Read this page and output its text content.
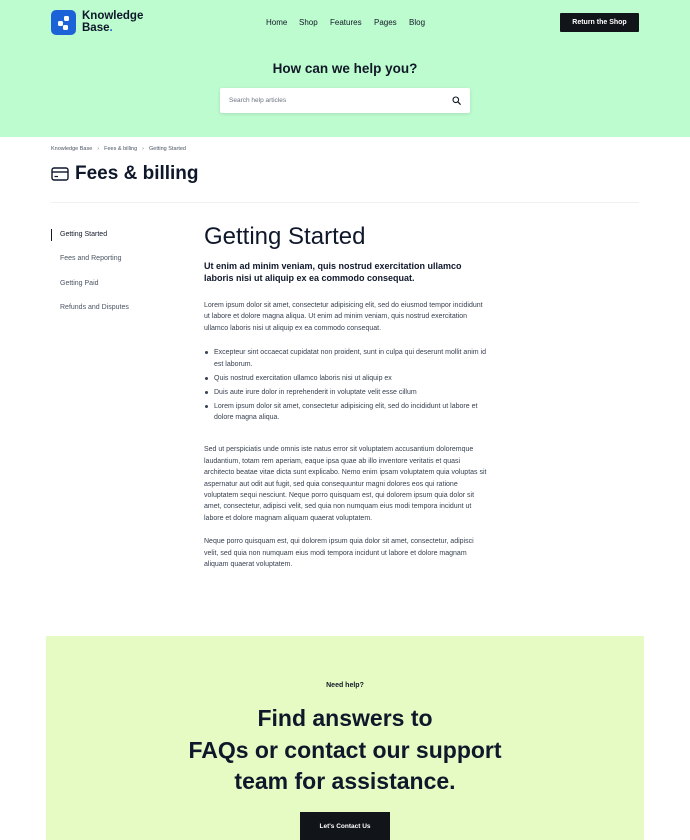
Knowledge
Base.	Home Shop Features Pages Blog	Return the Shop
How can we help you?
Search help articles
Knowledge Base › Fees & billing › Getting Started
Fees & billing
Getting Started
Fees and Reporting
Getting Paid
Refunds and Disputes
Getting Started

Ut enim ad minim veniam, quis nostrud exercitation ullamco laboris nisi ut aliquip ex ea commodo consequat.

Lorem ipsum dolor sit amet, consectetur adipisicing elit, sed do eiusmod tempor incididunt ut labore et dolore magna aliqua. Ut enim ad minim veniam, quis nostrud exercitation ullamco laboris nisi ut aliquip ex ea commodo consequat.

Excepteur sint occaecat cupidatat non proident, sunt in culpa qui deserunt mollit anim id est laborum.
Quis nostrud exercitation ullamco laboris nisi ut aliquip ex
Duis aute irure dolor in reprehenderit in voluptate velit esse cillum
Lorem ipsum dolor sit amet, consectetur adipisicing elit, sed do incididunt ut labore et dolore magna aliqua.

Sed ut perspiciatis unde omnis iste natus error sit voluptatem accusantium doloremque laudantium, totam rem aperiam, eaque ipsa quae ab illo inventore veritatis et quasi architecto beatae vitae dicta sunt explicabo. Nemo enim ipsam voluptatem quia voluptas sit aspernatur aut odit aut fugit, sed quia consequuntur magni dolores eos qui ratione voluptatem sequi nesciunt. Neque porro quisquam est, qui dolorem ipsum quia dolor sit amet, consectetur, adipisci velit, sed quia non numquam eius modi tempora incidunt ut labore et dolore magnam aliquam quaerat voluptatem.

Neque porro quisquam est, qui dolorem ipsum quia dolor sit amet, consectetur, adipisci velit, sed quia non numquam eius modi tempora incidunt ut labore et dolore magnam aliquam quaerat voluptatem.

Need help?
Find answers to
FAQs or contact our support
team for assistance.
Let's Contact Us
